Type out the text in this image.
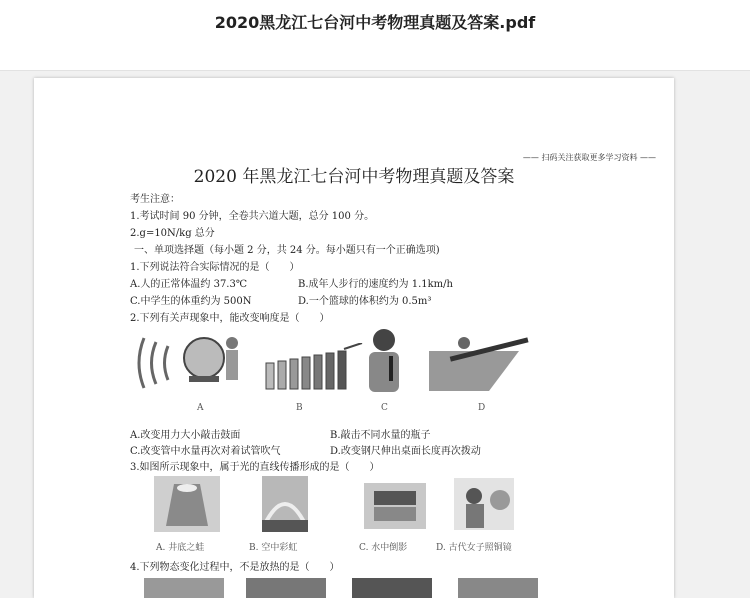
2020黑龙江七台河中考物理真题及答案.pdf
—— 扫码关注获取更多学习资料 ——
2020 年黑龙江七台河中考物理真题及答案
考生注意：
1.考试时间 90 分钟，全卷共六道大题，总分 100 分。
2.g=10N/kg 总分
一、单项选择题（每小题 2 分，共 24 分。每小题只有一个正确选项)
1.下列说法符合实际情况的是（　　）
A.人的正常体温约 37.3℃	B.成年人步行的速度约为 1.1km/h
C.中学生的体重约为 500N	D.一个篮球的体积约为 0.5m³
2.下列有关声现象中，能改变响度是（　　）
A	B	C	D
A.改变用力大小敲击鼓面	B.敲击不同水量的瓶子
C.改变管中水量再次对着试管吹气	D.改变钢尺伸出桌面长度再次拨动
3.如图所示现象中，属于光的直线传播形成的是（　　）
A. 井底之蛙	B. 空中彩虹	C. 水中倒影	D. 古代女子照铜镜
4.下列物态变化过程中，不是放热的是（　　）
